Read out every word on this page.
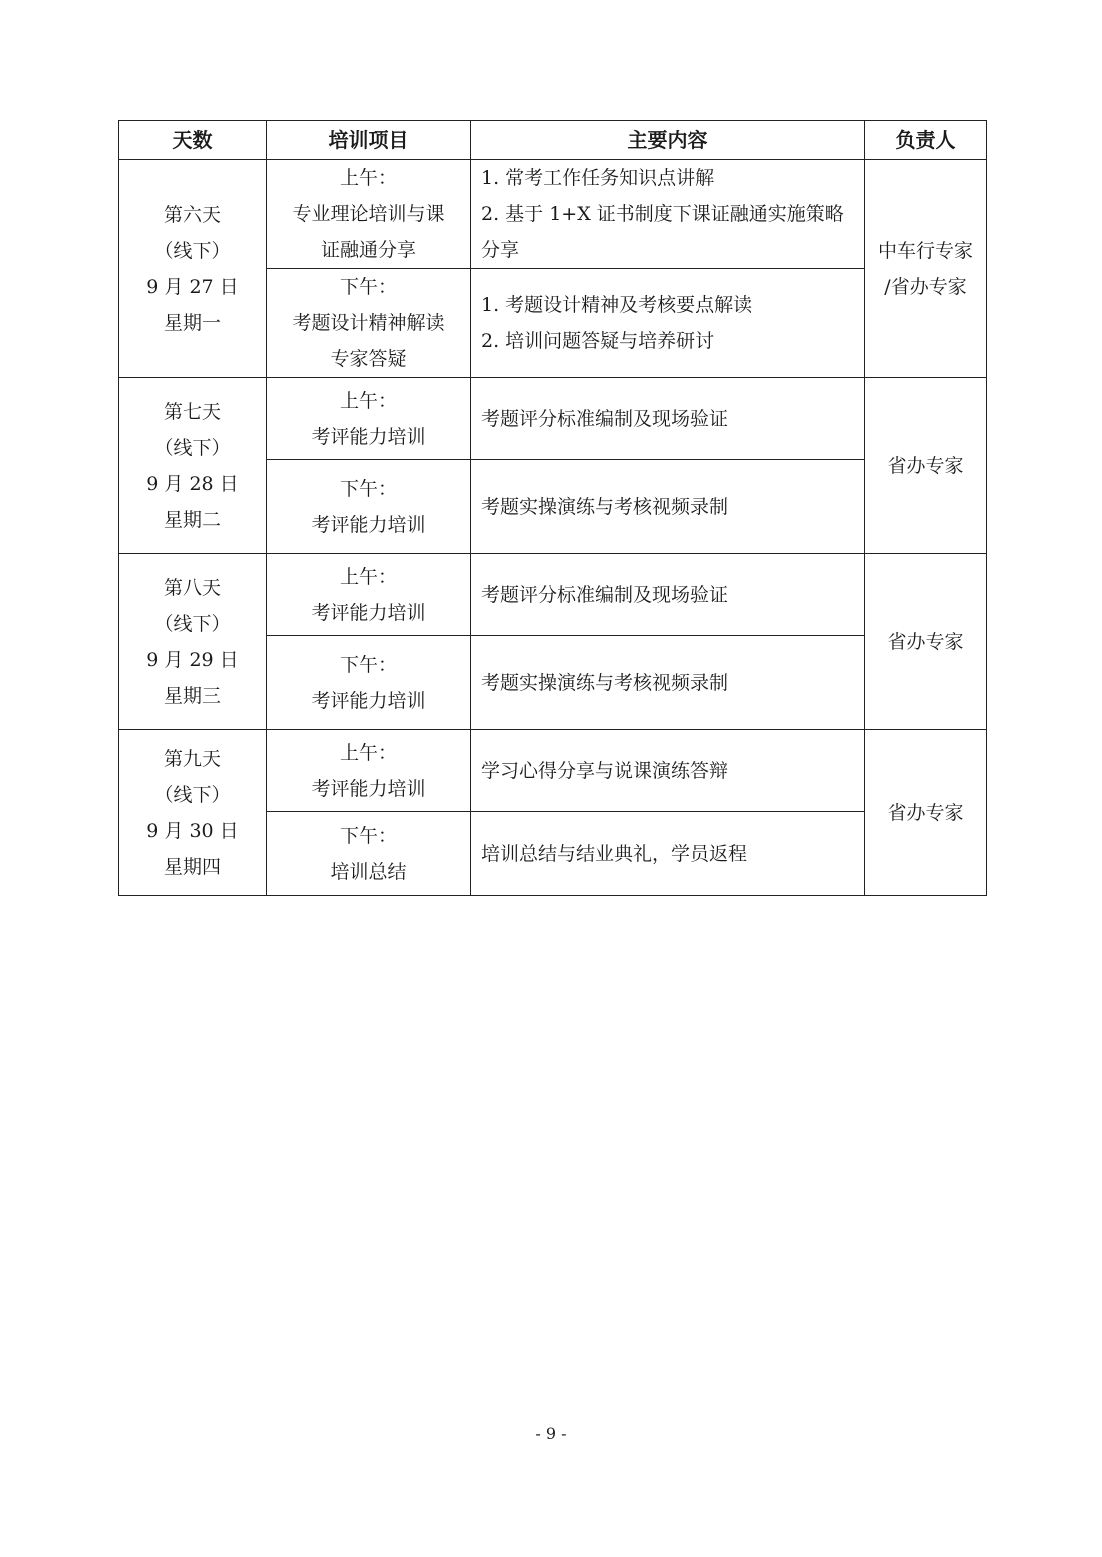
天数	培训项目	主要内容	负责人

第六天
（线下）
9 月 27 日
星期一	上午：
专业理论培训与课
证融通分享	1. 常考工作任务知识点讲解
2. 基于 1+X 证书制度下课证融通实施策略
分享	中车行专家
/省办专家

	下午：
考题设计精神解读
专家答疑	1. 考题设计精神及考核要点解读
2. 培训问题答疑与培养研讨	

第七天
（线下）
9 月 28 日
星期二	上午：
考评能力培训	考题评分标准编制及现场验证	省办专家

	下午：
考评能力培训	考题实操演练与考核视频录制	

第八天
（线下）
9 月 29 日
星期三	上午：
考评能力培训	考题评分标准编制及现场验证	省办专家

	下午：
考评能力培训	考题实操演练与考核视频录制	

第九天
（线下）
9 月 30 日
星期四	上午：
考评能力培训	学习心得分享与说课演练答辩	省办专家

	下午：
培训总结	培训总结与结业典礼，学员返程	
- 9 -
